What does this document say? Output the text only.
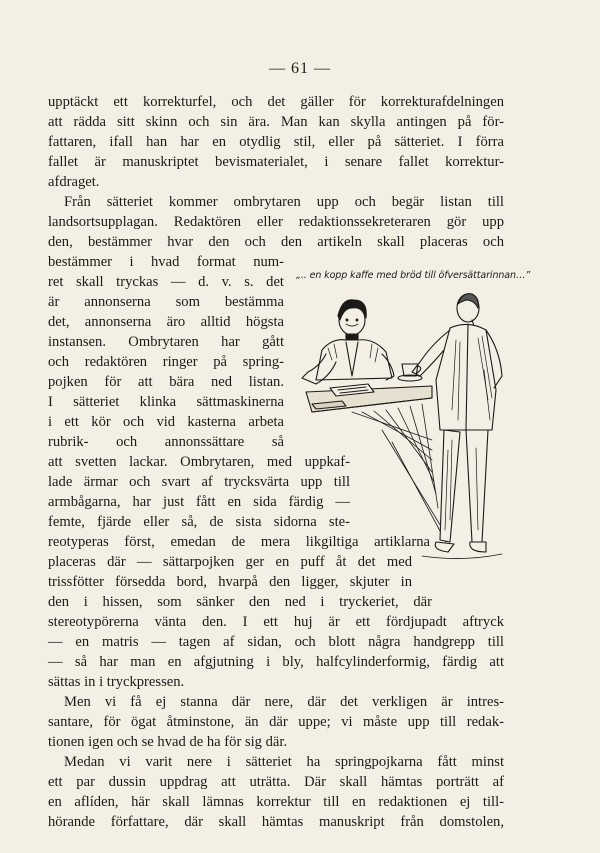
— 61 —
upptäckt ett korrekturfel, och det gäller för korrekturafdelningen
att rädda sitt skinn och sin ära. Man kan skylla antingen på för-
fattaren, ifall han har en otydlig stil, eller på sätteriet. I förra
fallet är manuskriptet bevismaterialet, i senare fallet korrektur-
afdraget.
Från sätteriet kommer ombrytaren upp och begär listan till
landsortsupplagan. Redaktören eller redaktionssekreteraren gör upp
den, bestämmer hvar den och den artikeln skall placeras och
bestämmer i hvad format num-
ret skall tryckas — d. v. s. det
är annonserna som bestämma
det, annonserna äro alltid högsta
instansen. Ombrytaren har gått
och redaktören ringer på spring-
pojken för att bära ned listan.
I sätteriet klinka sättmaskinerna
i ett kör och vid kasterna arbeta
rubrik- och annonssättare så
att svetten lackar. Ombrytaren, med uppkaf-
lade ärmar och svart af trycksvärta upp till
armbågarna, har just fått en sida färdig —
femte, fjärde eller så, de sista sidorna ste-
reotyperas först, emedan de mera likgiltiga artiklarna
placeras där — sättarpojken ger en puff åt det med
trissfötter försedda bord, hvarpå den ligger, skjuter in
den i hissen, som sänker den ned i tryckeriet, där
stereotypörerna vänta den. I ett huj är ett fördjupadt aftryck
— en matris — tagen af sidan, och blott några handgrepp till
— så har man en afgjutning i bly, halfcylinderformig, färdig att
sättas in i tryckpressen.
Men vi få ej stanna där nere, där det verkligen är intres-
santare, för ögat åtminstone, än där uppe; vi måste upp till redak-
tionen igen och se hvad de ha för sig där.
Medan vi varit nere i sätteriet ha springpojkarna fått minst
ett par dussin uppdrag att uträtta. Där skall hämtas porträtt af
en aflíden, här skall lämnas korrektur till en redaktionen ej till-
hörande författare, där skall hämtas manuskript från domstolen,
„.. en kopp kaffe med bröd till öfversättarinnan…”
